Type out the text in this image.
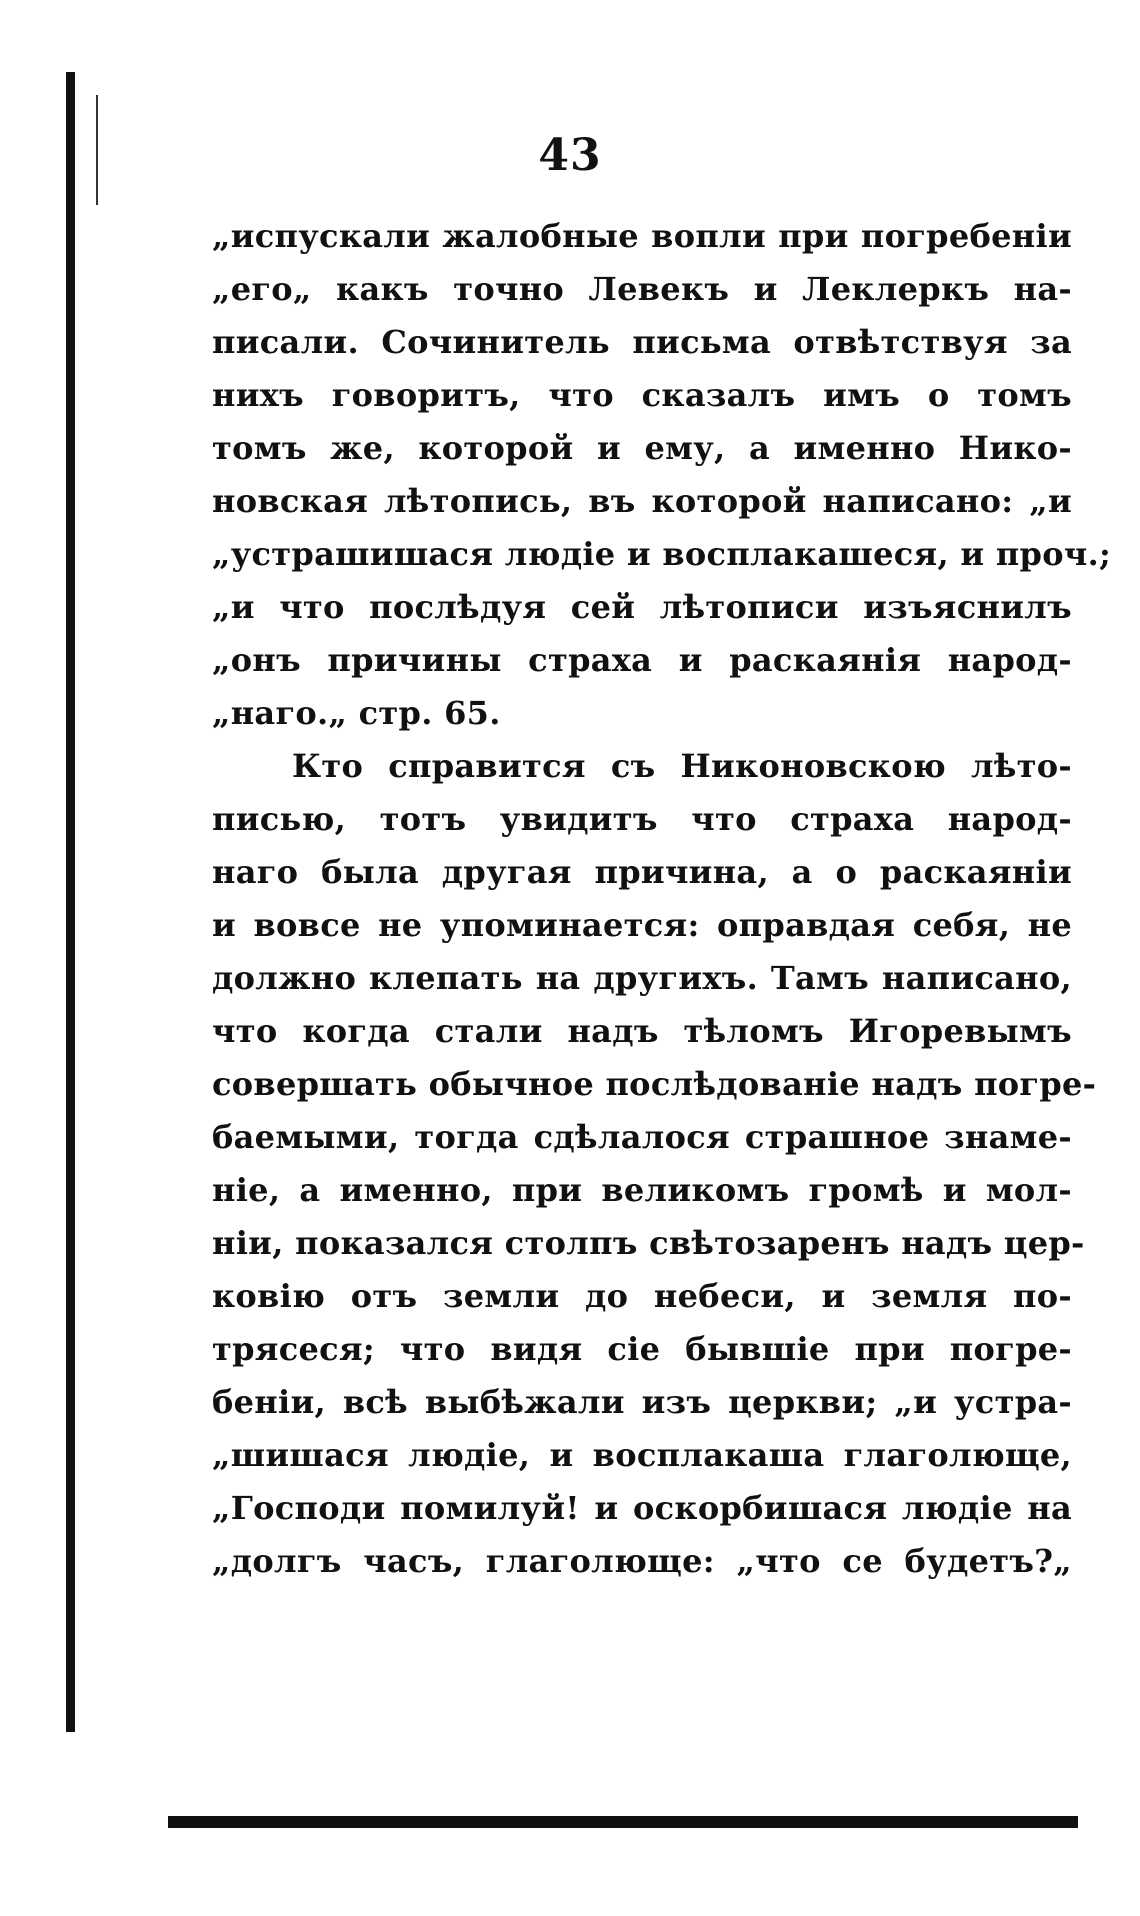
43
„испускали жалобные вопли при погребеніи
„его„ какъ точно Левекъ и Леклеркъ на-
писали. Сочинитель письма отвѣтствуя за
нихъ говоритъ, что сказалъ имъ о томъ
томъ же, которой и ему, а именно Нико-
новская лѣтопись, въ которой написано: „и
„устрашишася людіе и восплакашеся, и проч.;
„и что послѣдуя сей лѣтописи изъяснилъ
„онъ причины страха и раскаянія народ-
„наго.„ стр. 65.
Кто справится съ Никоновскою лѣто-
писью, тотъ увидитъ что страха народ-
наго была другая причина, а о раскаяніи
и вовсе не упоминается: оправдая себя, не
должно клепать на другихъ. Тамъ написано,
что когда стали надъ тѣломъ Игоревымъ
совершать обычное послѣдованіе надъ погре-
баемыми, тогда сдѣлалося страшное знаме-
ніе, а именно, при великомъ громѣ и мол-
ніи, показался столпъ свѣтозаренъ надъ цер-
ковію отъ земли до небеси, и земля по-
трясеся; что видя сіе бывшіе при погре-
беніи, всѣ выбѣжали изъ церкви; „и устра-
„шишася людіе, и восплакаша глаголюще,
„Господи помилуй! и оскорбишася людіе на
„долгъ часъ, глаголюще: „что се будетъ?„
